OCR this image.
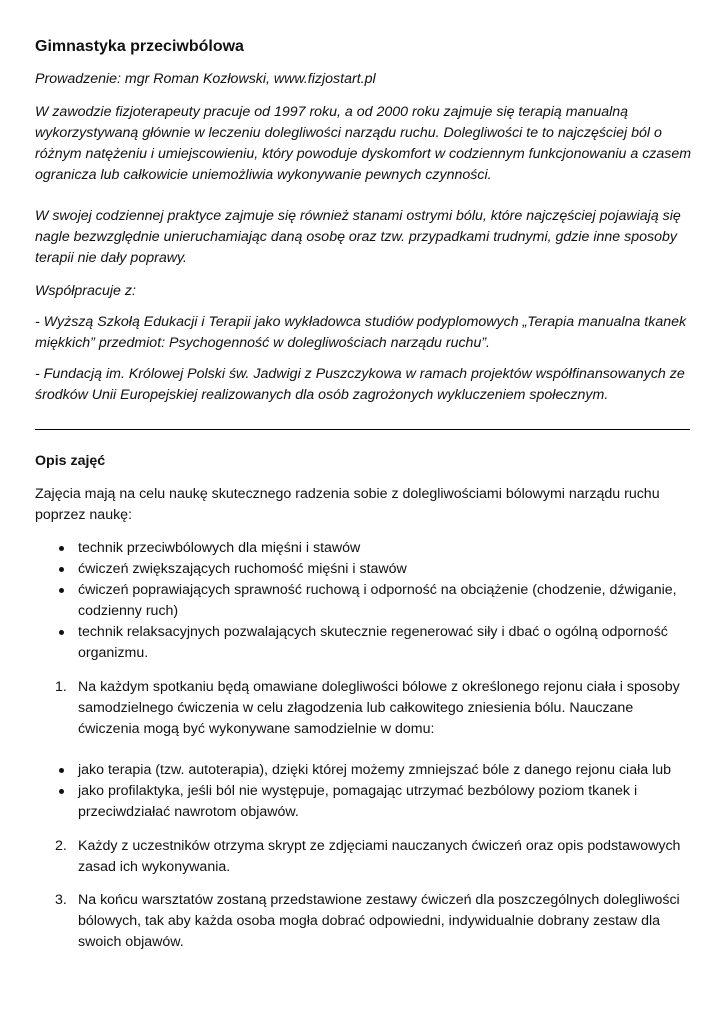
Gimnastyka przeciwbólowa

Prowadzenie: mgr Roman Kozłowski, www.fizjostart.pl

W zawodzie fizjoterapeuty pracuje od 1997 roku, a od 2000 roku zajmuje się terapią manualną wykorzystywaną głównie w leczeniu dolegliwości narządu ruchu. Dolegliwości te to najczęściej ból o różnym natężeniu i umiejscowieniu, który powoduje dyskomfort w codziennym funkcjonowaniu a czasem ogranicza lub całkowicie uniemożliwia wykonywanie pewnych czynności.

W swojej codziennej praktyce zajmuje się również stanami ostrymi bólu, które najczęściej pojawiają się nagle bezwzględnie unieruchamiając daną osobę oraz tzw. przypadkami trudnymi, gdzie inne sposoby terapii nie dały poprawy.

Współpracuje z:

- Wyższą Szkołą Edukacji i Terapii jako wykładowca studiów podyplomowych „Terapia manualna tkanek miękkich” przedmiot: Psychogenność w dolegliwościach narządu ruchu”.

- Fundacją im. Królowej Polski św. Jadwigi z Puszczykowa w ramach projektów współfinansowanych ze środków Unii Europejskiej realizowanych dla osób zagrożonych wykluczeniem społecznym.

Opis zajęć

Zajęcia mają na celu naukę skutecznego radzenia sobie z dolegliwościami bólowymi narządu ruchu poprzez naukę:

technik przeciwbólowych dla mięśni i stawów
ćwiczeń zwiększających ruchomość mięśni i stawów
ćwiczeń poprawiających sprawność ruchową i odporność na obciążenie (chodzenie, dźwiganie, codzienny ruch)
technik relaksacyjnych pozwalających skutecznie regenerować siły i dbać o ogólną odporność organizmu.
1. Na każdym spotkaniu będą omawiane dolegliwości bólowe z określonego rejonu ciała i sposoby samodzielnego ćwiczenia w celu złagodzenia lub całkowitego zniesienia bólu. Nauczane ćwiczenia mogą być wykonywane samodzielnie w domu:
jako terapia (tzw. autoterapia), dzięki której możemy zmniejszać bóle z danego rejonu ciała lub
jako profilaktyka, jeśli ból nie występuje, pomagając utrzymać bezbólowy poziom tkanek i przeciwdziałać nawrotom objawów.
2. Każdy z uczestników otrzyma skrypt ze zdjęciami nauczanych ćwiczeń oraz opis podstawowych zasad ich wykonywania.
3. Na końcu warsztatów zostaną przedstawione zestawy ćwiczeń dla poszczególnych dolegliwości bólowych, tak aby każda osoba mogła dobrać odpowiedni, indywidualnie dobrany zestaw dla swoich objawów.
